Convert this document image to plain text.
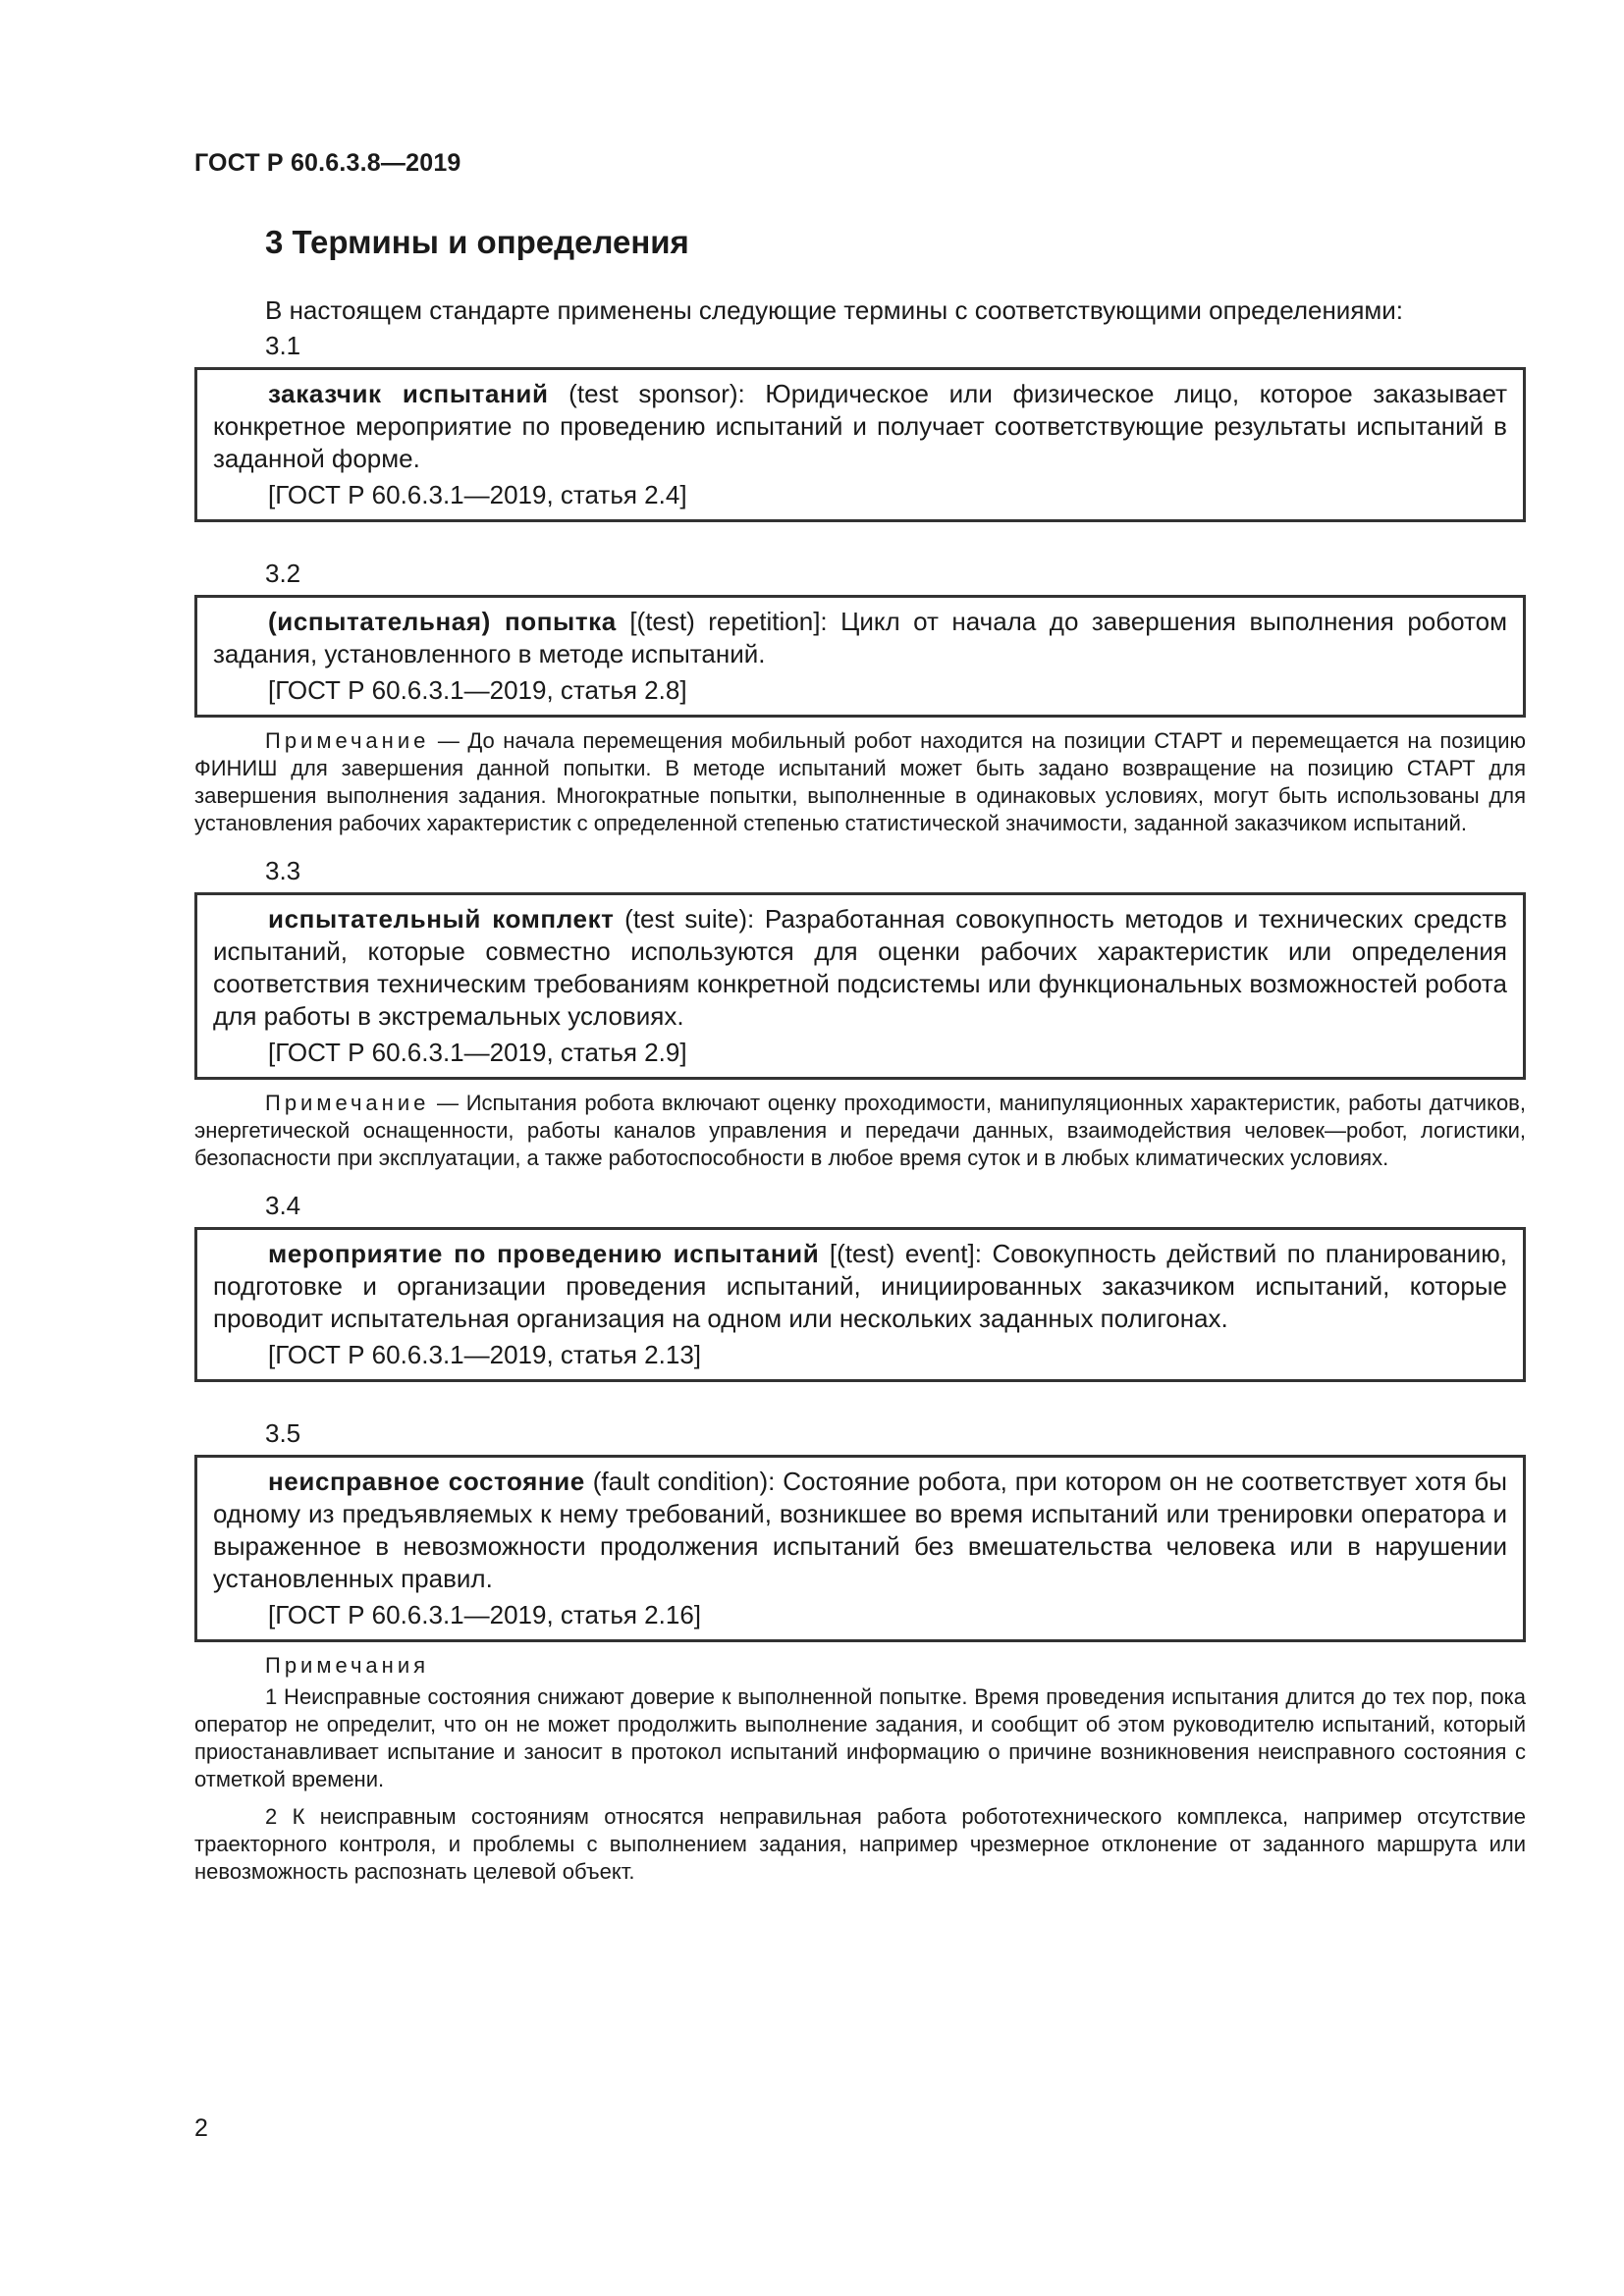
ГОСТ Р 60.6.3.8—2019
3 Термины и определения
В настоящем стандарте применены следующие термины с соответствующими определениями:
3.1

заказчик испытаний (test sponsor): Юридическое или физическое лицо, которое заказывает конкретное мероприятие по проведению испытаний и получает соответствующие результаты испытаний в заданной форме.

[ГОСТ Р 60.6.3.1—2019, статья 2.4]
3.2

(испытательная) попытка [(test) repetition]: Цикл от начала до завершения выполнения роботом задания, установленного в методе испытаний.

[ГОСТ Р 60.6.3.1—2019, статья 2.8]

Примечание — До начала перемещения мобильный робот находится на позиции СТАРТ и перемещается на позицию ФИНИШ для завершения данной попытки. В методе испытаний может быть задано возвращение на позицию СТАРТ для завершения выполнения задания. Многократные попытки, выполненные в одинаковых условиях, могут быть использованы для установления рабочих характеристик с определенной степенью статистической значимости, заданной заказчиком испытаний.

3.3

испытательный комплект (test suite): Разработанная совокупность методов и технических средств испытаний, которые совместно используются для оценки рабочих характеристик или определения соответствия техническим требованиям конкретной подсистемы или функциональных возможностей робота для работы в экстремальных условиях.

[ГОСТ Р 60.6.3.1—2019, статья 2.9]

Примечание — Испытания робота включают оценку проходимости, манипуляционных характеристик, работы датчиков, энергетической оснащенности, работы каналов управления и передачи данных, взаимодействия человек—робот, логистики, безопасности при эксплуатации, а также работоспособности в любое время суток и в любых климатических условиях.

3.4

мероприятие по проведению испытаний [(test) event]: Совокупность действий по планированию, подготовке и организации проведения испытаний, инициированных заказчиком испытаний, которые проводит испытательная организация на одном или нескольких заданных полигонах.

[ГОСТ Р 60.6.3.1—2019, статья 2.13]
3.5

неисправное состояние (fault condition): Состояние робота, при котором он не соответствует хотя бы одному из предъявляемых к нему требований, возникшее во время испытаний или тренировки оператора и выраженное в невозможности продолжения испытаний без вмешательства человека или в нарушении установленных правил.

[ГОСТ Р 60.6.3.1—2019, статья 2.16]
Примечания

1 Неисправные состояния снижают доверие к выполненной попытке. Время проведения испытания длится до тех пор, пока оператор не определит, что он не может продолжить выполнение задания, и сообщит об этом руководителю испытаний, который приостанавливает испытание и заносит в протокол испытаний информацию о причине возникновения неисправного состояния с отметкой времени.

2 К неисправным состояниям относятся неправильная работа робототехнического комплекса, например отсутствие траекторного контроля, и проблемы с выполнением задания, например чрезмерное отклонение от заданного маршрута или невозможность распознать целевой объект.

2
